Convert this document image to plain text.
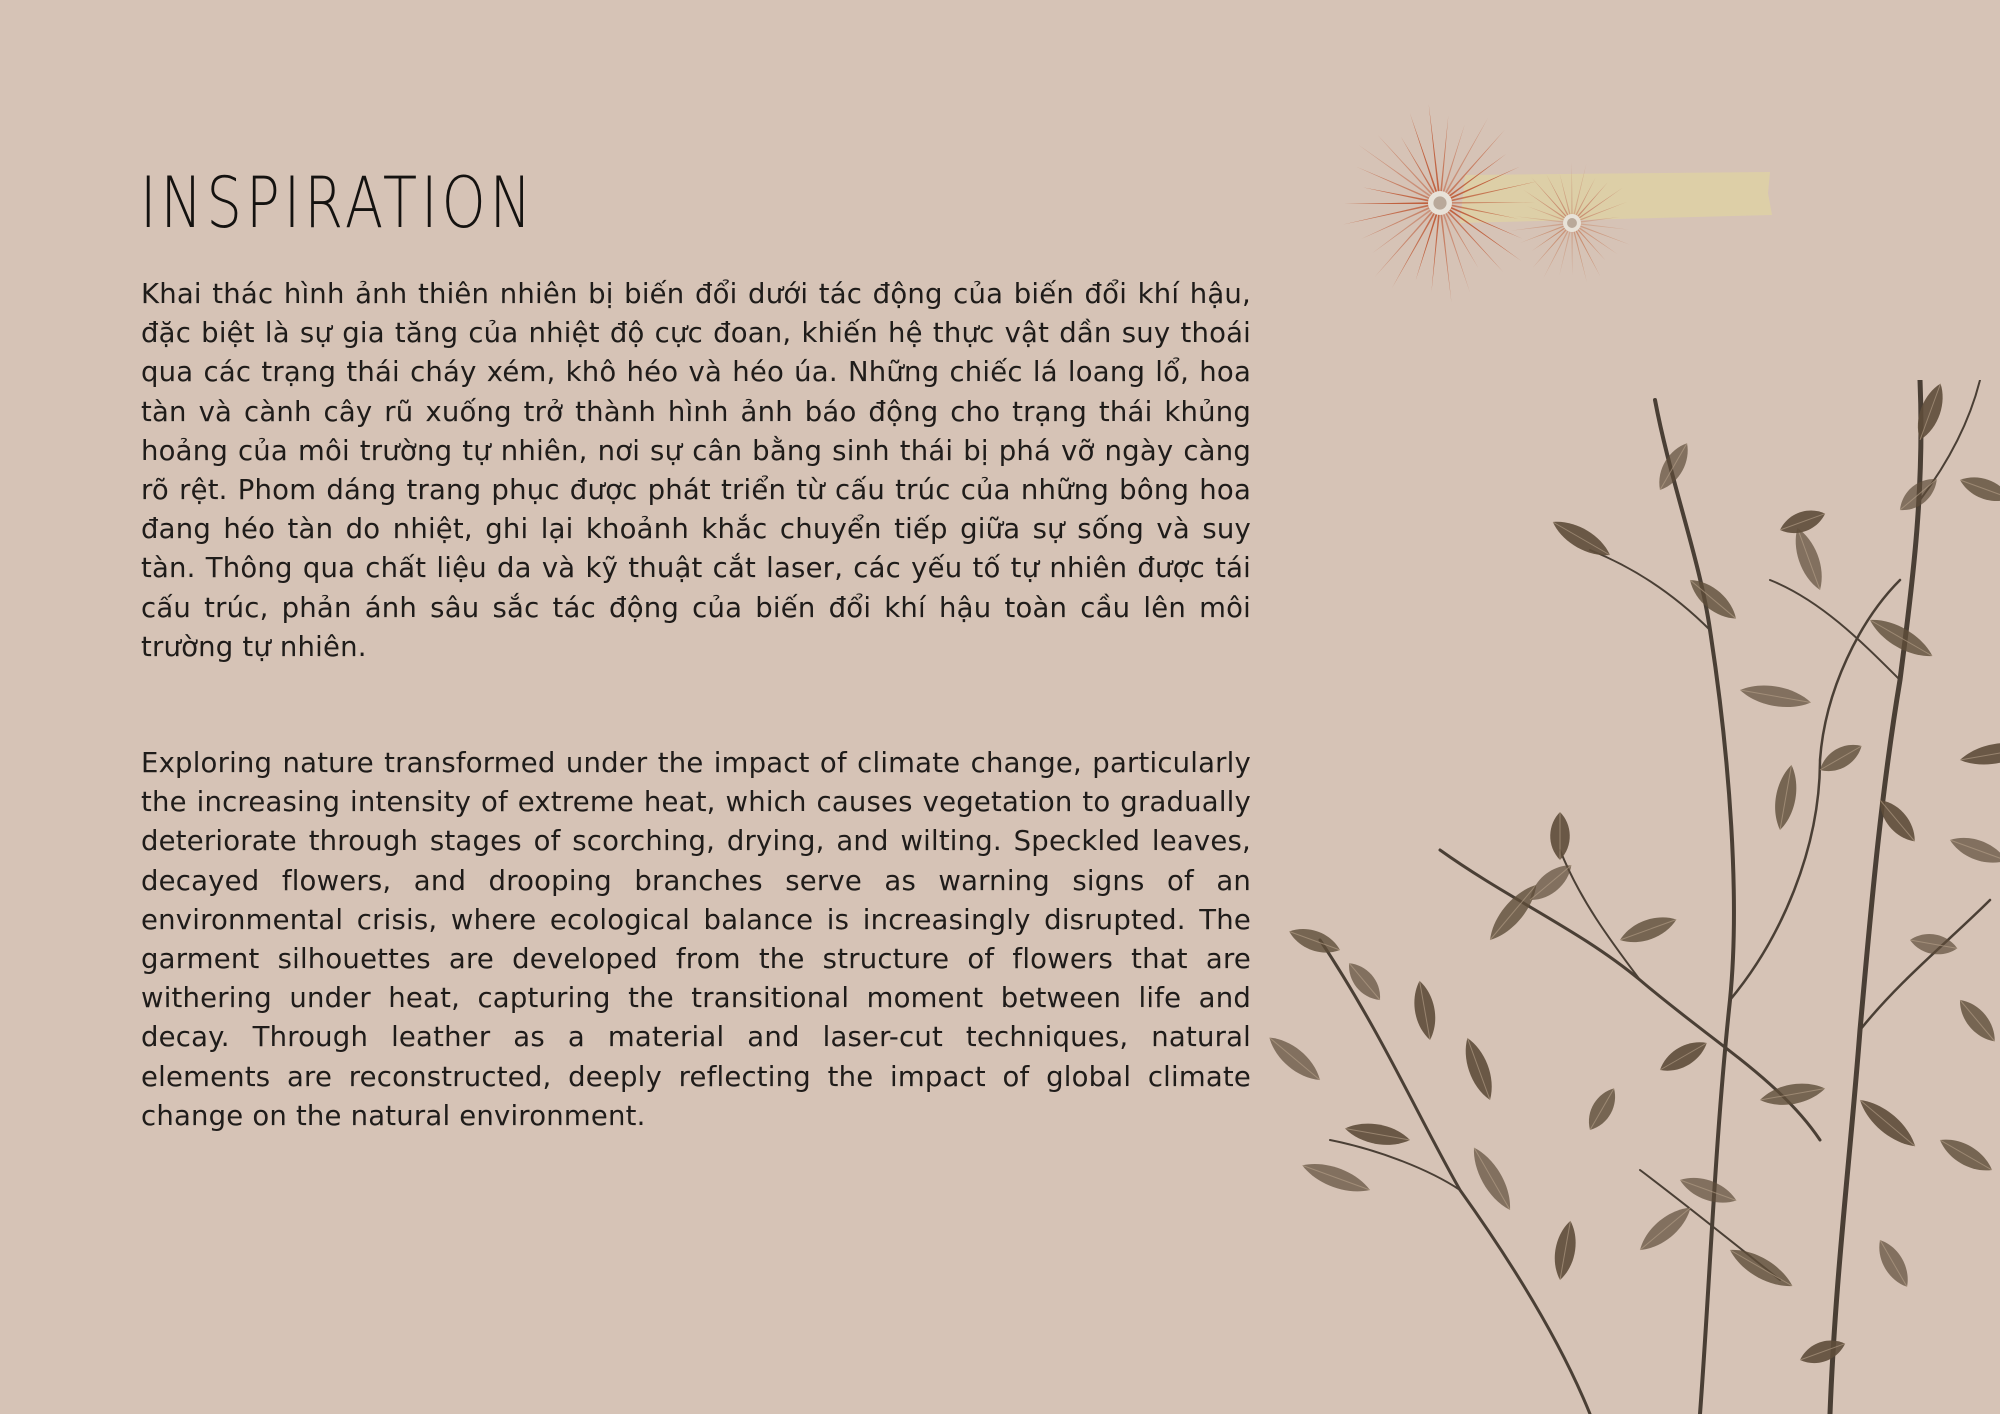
INSPIRATION

Khai thác hình ảnh thiên nhiên bị biến đổi dưới tác động của biến đổi khí hậu, đặc biệt là sự gia tăng của nhiệt độ cực đoan, khiến hệ thực vật dần suy thoái qua các trạng thái cháy xém, khô héo và héo úa. Những chiếc lá loang lổ, hoa tàn và cành cây rũ xuống trở thành hình ảnh báo động cho trạng thái khủng hoảng của môi trường tự nhiên, nơi sự cân bằng sinh thái bị phá vỡ ngày càng rõ rệt. Phom dáng trang phục được phát triển từ cấu trúc của những bông hoa đang héo tàn do nhiệt, ghi lại khoảnh khắc chuyển tiếp giữa sự sống và suy tàn. Thông qua chất liệu da và kỹ thuật cắt laser, các yếu tố tự nhiên được tái cấu trúc, phản ánh sâu sắc tác động của biến đổi khí hậu toàn cầu lên môi trường tự nhiên.

Exploring nature transformed under the impact of climate change, particularly the increasing intensity of extreme heat, which causes vegetation to gradually deteriorate through stages of scorching, drying, and wilting. Speckled leaves, decayed flowers, and drooping branches serve as warning signs of an environmental crisis, where ecological balance is increasingly disrupted. The garment silhouettes are developed from the structure of flowers that are withering under heat, capturing the transitional moment between life and decay. Through leather as a material and laser-cut techniques, natural elements are reconstructed, deeply reflecting the impact of global climate change on the natural environment.
